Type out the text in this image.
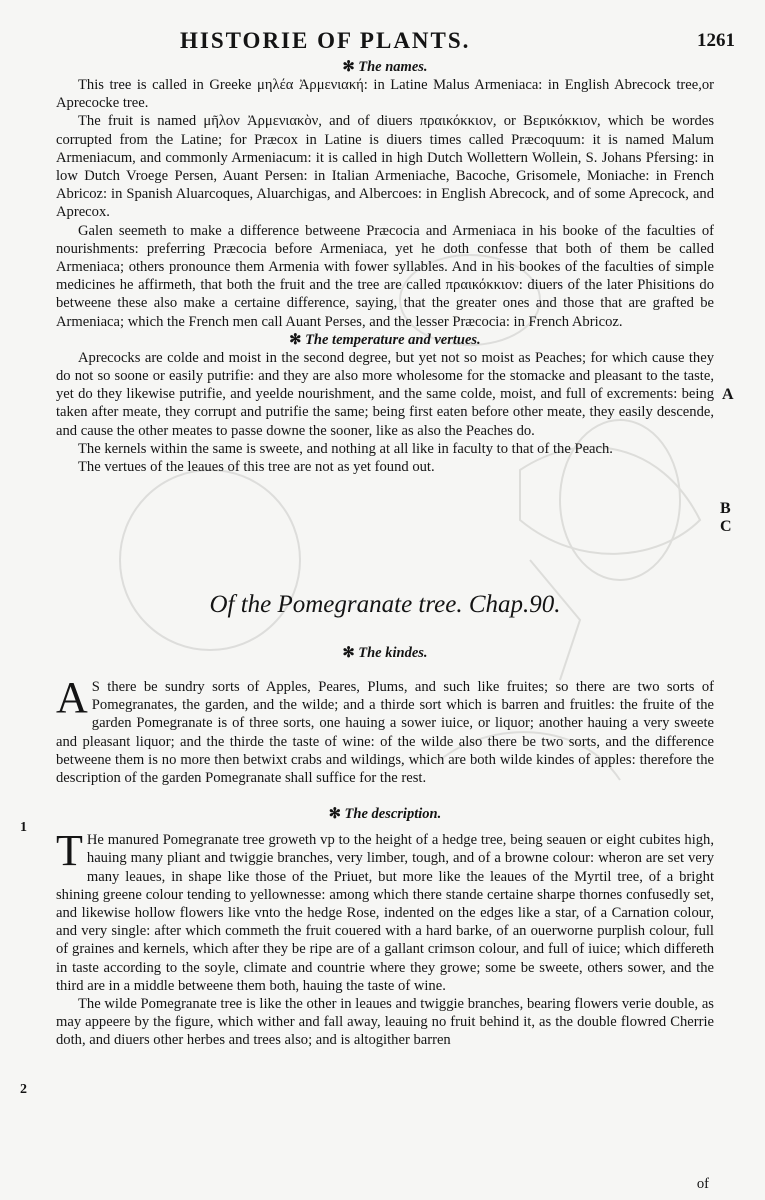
HISTORIE OF PLANTS.	1261
✻ The names.

This tree is called in Greeke μηλέα Ἀρμενιακή: in Latine Malus Armeniaca: in English Abrecock tree,or Aprecocke tree.

The fruit is named μῆλον Ἀρμενιακὸν, and of diuers πραικόκκιον, or Βερικόκκιον, which be wordes corrupted from the Latine; for Præcox in Latine is diuers times called Præcoquum: it is named Malum Armeniacum, and commonly Armeniacum: it is called in high Dutch Wollettern Wollein, S. Johans Pfersing: in low Dutch Vroege Persen, Auant Persen: in Italian Armeniache, Bacoche, Grisomele, Moniache: in French Abricoz: in Spanish Aluarcoques, Aluarchigas, and Albercoes: in English Abrecock, and of some Aprecock, and Aprecox.

Galen seemeth to make a difference betweene Præcocia and Armeniaca in his booke of the faculties of nourishments: preferring Præcocia before Armeniaca, yet he doth confesse that both of them be called Armeniaca; others pronounce them Armenia with fower syllables. And in his bookes of the faculties of simple medicines he affirmeth, that both the fruit and the tree are called πραικόκκιον: diuers of the later Phisitions do betweene these also make a certaine difference, saying, that the greater ones and those that are grafted be Armeniaca; which the French men call Auant Perses, and the lesser Præcocia: in French Abricoz.

✻ The temperature and vertues.

Aprecocks are colde and moist in the second degree, but yet not so moist as Peaches; for which cause they do not so soone or easily putrifie: and they are also more wholesome for the stomacke and pleasant to the taste, yet do they likewise putrifie, and yeelde nourishment, and the same colde, moist, and full of excrements: being taken after meate, they corrupt and putrifie the same; being first eaten before other meate, they easily descende, and cause the other meates to passe downe the sooner, like as also the Peaches do.

The kernels within the same is sweete, and nothing at all like in faculty to that of the Peach.

The vertues of the leaues of this tree are not as yet found out.

A
B
C
Of the Pomegranate tree. Chap.90.
✻ The kindes.

A S there be sundry sorts of Apples, Peares, Plums, and such like fruites; so there are two sorts of Pomegranates, the garden, and the wilde; and a thirde sort which is barren and fruitles: the fruite of the garden Pomegranate is of three sorts, one hauing a sower iuice, or liquor; another hauing a very sweete and pleasant liquor; and the thirde the taste of wine: of the wilde also there be two sorts, and the difference betweene them is no more then betwixt crabs and wildings, which are both wilde kindes of apples: therefore the description of the garden Pomegranate shall suffice for the rest.

✻ The description.

T He manured Pomegranate tree groweth vp to the height of a hedge tree, being seauen or eight cubites high, hauing many pliant and twiggie branches, very limber, tough, and of a browne colour: wheron are set very many leaues, in shape like those of the Priuet, but more like the leaues of the Myrtil tree, of a bright shining greene colour tending to yellownesse: among which there stande certaine sharpe thornes confusedly set, and likewise hollow flowers like vnto the hedge Rose, indented on the edges like a star, of a Carnation colour, and very single: after which commeth the fruit couered with a hard barke, of an ouerworne purplish colour, full of graines and kernels, which after they be ripe are of a gallant crimson colour, and full of iuice; which differeth in taste according to the soyle, climate and countrie where they growe; some be sweete, others sower, and the third are in a middle betweene them both, hauing the taste of wine.

The wilde Pomegranate tree is like the other in leaues and twiggie branches, bearing flowers verie double, as may appeere by the figure, which wither and fall away, leauing no fruit behind it, as the double flowred Cherrie doth, and diuers other herbes and trees also; and is altogither barren

1
2
of
